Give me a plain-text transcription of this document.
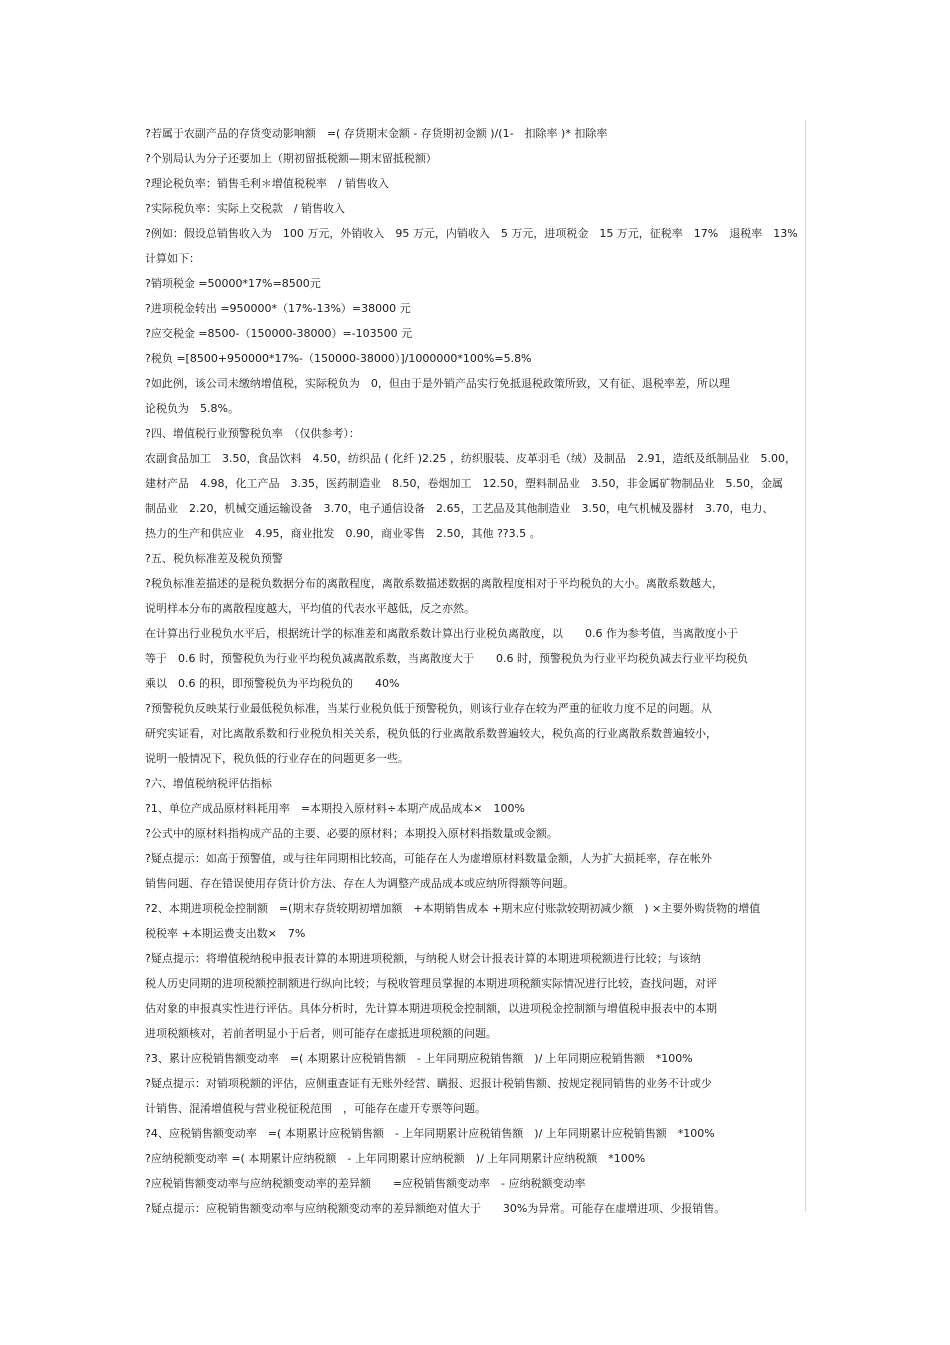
?若属于农副产品的存货变动影响额　=( 存货期末金额 - 存货期初金额 )/(1-　扣除率 )* 扣除率
?个别局认为分子还要加上（期初留抵税额—期末留抵税额）
?理论税负率：销售毛利＊增值税税率　/ 销售收入
?实际税负率：实际上交税款　/ 销售收入
?例如：假设总销售收入为　100 万元，外销收入　95 万元，内销收入　5 万元，进项税金　15 万元，征税率　17%　退税率　13%
计算如下：
?销项税金 =50000*17%=8500元
?进项税金转出 =950000*（17%-13%）=38000 元
?应交税金 =8500-（150000-38000）=-103500 元
?税负 =[8500+950000*17%-（150000-38000）]/1000000*100%=5.8%
?如此例，该公司未缴纳增值税，实际税负为　0，但由于是外销产品实行免抵退税政策所致，又有征、退税率差，所以理
论税负为　5.8%。
?四、增值税行业预警税负率　（仅供参考）：
农副食品加工　3.50，食品饮料　4.50，纺织品 ( 化纤 )2.25 ，纺织服装、皮革羽毛（绒）及制品　2.91，造纸及纸制品业　5.00，
建材产品　4.98，化工产品　3.35，医药制造业　8.50，卷烟加工　12.50，塑料制品业　3.50，非金属矿物制品业　5.50，金属
制品业　2.20，机械交通运输设备　3.70，电子通信设备　2.65，工艺品及其他制造业　3.50，电气机械及器材　3.70，电力、
热力的生产和供应业　4.95，商业批发　0.90，商业零售　2.50，其他 ??3.5 。
?五、税负标准差及税负预警
?税负标准差描述的是税负数据分布的离散程度，离散系数描述数据的离散程度相对于平均税负的大小。离散系数越大，
说明样本分布的离散程度越大，平均值的代表水平越低，反之亦然。
在计算出行业税负水平后，根据统计学的标准差和离散系数计算出行业税负离散度，以　　0.6 作为参考值，当离散度小于
等于　0.6 时，预警税负为行业平均税负减离散系数，当离散度大于　　0.6 时，预警税负为行业平均税负减去行业平均税负
乘以　0.6 的积，即预警税负为平均税负的　　40%
?预警税负反映某行业最低税负标准，当某行业税负低于预警税负，则该行业存在较为严重的征收力度不足的问题。从
研究实证看，对比离散系数和行业税负相关关系，税负低的行业离散系数普遍较大，税负高的行业离散系数普遍较小，
说明一般情况下，税负低的行业存在的问题更多一些。
?六、增值税纳税评估指标
?1、单位产成品原材料耗用率　=本期投入原材料÷本期产成品成本×　100%
?公式中的原材料指构成产品的主要、必要的原材料；本期投入原材料指数量或金额。
?疑点提示：如高于预警值，或与往年同期相比较高，可能存在人为虚增原材料数量金额，人为扩大损耗率，存在帐外
销售问题、存在错误使用存货计价方法、存在人为调整产成品成本或应纳所得额等问题。
?2、本期进项税金控制额　=(期末存货较期初增加额　+本期销售成本 +期末应付账款较期初减少额　) ×主要外购货物的增值
税税率 +本期运费支出数×　7%
?疑点提示：将增值税纳税申报表计算的本期进项税额，与纳税人财会计报表计算的本期进项税额进行比较；与该纳
税人历史同期的进项税额控制额进行纵向比较；与税收管理员掌握的本期进项税额实际情况进行比较，查找问题，对评
估对象的申报真实性进行评估。具体分析时，先计算本期进项税金控制额，以进项税金控制额与增值税申报表中的本期
进项税额核对，若前者明显小于后者，则可能存在虚抵进项税额的问题。
?3、累计应税销售额变动率　=( 本期累计应税销售额　- 上年同期应税销售额　)/ 上年同期应税销售额　*100%
?疑点提示：对销项税额的评估，应侧重查证有无账外经营、瞒报、迟报计税销售额、按规定视同销售的业务不计或少
计销售、混淆增值税与营业税征税范围　，可能存在虚开专票等问题。
?4、应税销售额变动率　=( 本期累计应税销售额　- 上年同期累计应税销售额　)/ 上年同期累计应税销售额　*100%
?应纳税额变动率 =( 本期累计应纳税额　- 上年同期累计应纳税额　)/ 上年同期累计应纳税额　*100%
?应税销售额变动率与应纳税额变动率的差异额　　=应税销售额变动率　- 应纳税额变动率
?疑点提示：应税销售额变动率与应纳税额变动率的差异额绝对值大于　　30%为异常。可能存在虚增进项、少报销售。
